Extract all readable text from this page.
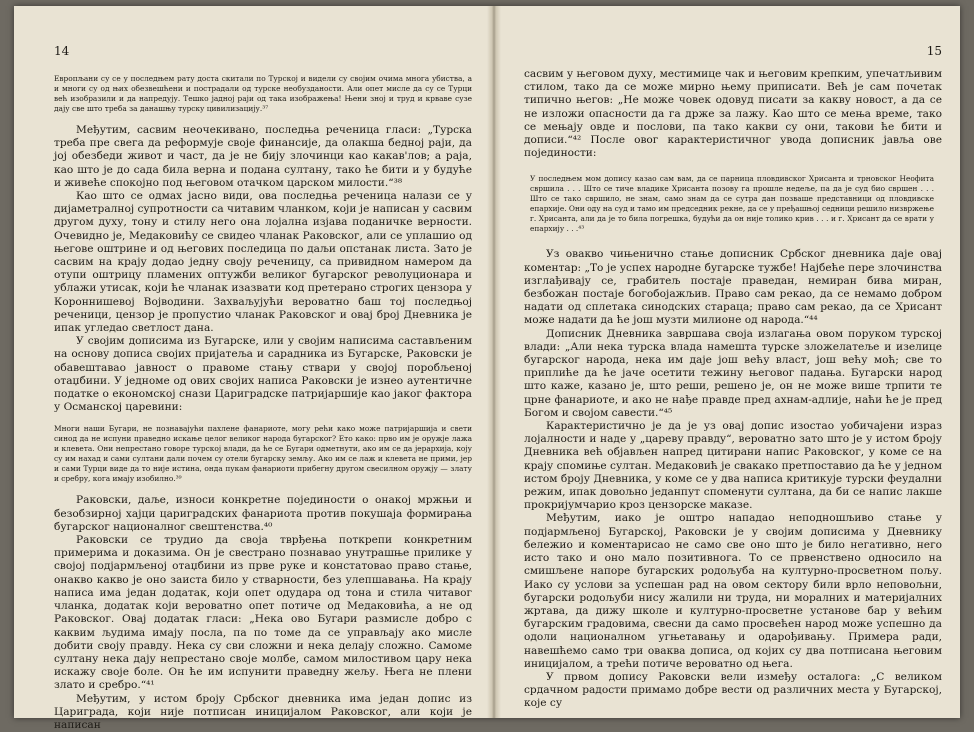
14

Европљани су се у последњем рату доста скитали по Турској и видели су својим очима многа убиства, а и многи су од њих обезвешћени и пострадали од турске необузданости. Али опет мисле да су се Турци већ изобразили и да напредују. Тешко јадној раји од така изображења! Њени зној и труд и крваве сузе дају све што треба за данашњу турску цивилизацију.³⁷

Међутим, сасвим неочекивано, последња реченица гласи: „Турска треба пре свега да реформује своје финансије, да олакша бедној раји, да јој обезбеди живот и част, да је не бију злочинци као какав'лов; а раја, као што је до сада била верна и подана султану, тако ће бити и у будуће и живеће спокојно под његовом отачком царском милости.“³⁸

Као што се одмах јасно види, ова последња реченица налази се у дијаметралној супротности са читавим чланком, који је написан у сасвим другом духу, тону и стилу него она лојална изјава поданичке верности. Очевидно је, Медаковићу се свидео чланак Раковског, али се уплашио од његове оштрине и од његових последица по даљи опстанак листа. Зато је сасвим на крају додао једну своју реченицу, са привидном намером да отупи оштрицу пламених оптужби великог бугарског револуционара и ублажи утисак, који ће чланак изазвати код претерано строгих цензора у Короннишевој Војводини. Захваљујући вероватно баш тој последњој реченици, цензор је пропустио чланак Раковског и овај број Дневника је ипак угледао светлост дана.

У својим дописима из Бугарске, или у својим написима састављеним на основу дописа својих пријатеља и сарадника из Бугарске, Раковски је обавештавао јавност о правоме стању ствари у својој поробљеној отаџбини. У једноме од ових својих написа Раковски је изнео аутентичне податке о економској снази Цариградске патријаршије као јаког фактора у Османској царевини:

Многи наши Бугари, не познавајући пахлене фанариоте, могу рећи како може патријаршија и свети синод да не испуни праведно искање целог великог народа бугарског? Ето како: прво им је оружје лажа и клевета. Они непрестано говоре турској влади, да ће се Бугари одметнути, ако им се да јерархија, коју су им нахад и сами султани дали почем су отели бугарску земљу. Ако им се лаж и клевета не прими, јер и сами Турци виде да то није истина, онда пукам фанариоти прибегну другом свесилном оружју — злату и сребру, кога имају изобилно.³⁹

Раковски, даље, износи конкретне појединости о онакој мржњи и безобзирној хајци цариградских фанариота против покушаја формирања бугарског националног свештенства.⁴⁰

Раковски се трудио да своја тврђења поткрепи конкретним примерима и доказима. Он је свестрано познавао унутрашње прилике у својој подјармљеној отаџбини из прве руке и констатовао право стање, онакво какво је оно заиста било у стварности, без улепшавања. На крају написа има један додатак, који опет одудара од тона и стила читавог чланка, додатак који вероватно опет потиче од Медаковића, а не од Раковског. Овај додатак гласи: „Нека ово Бугари размисле добро с каквим људима имају посла, па по томе да се управљају ако мисле добити своју правду. Нека су сви сложни и нека делају сложно. Самоме султану нека дају непрестано своје молбе, самом милостивом цару нека искажу своје боле. Он ће им испунити праведну жељу. Њега не плени злато и сребро.“⁴¹

Међутим, у истом броју Србског дневника има један допис из Цариграда, који није потписан иницијалом Раковског, али који је написан

15

сасвим у његовом духу, местимице чак и његовим крепким, упечатљивим стилом, тако да се може мирно њему приписати. Већ је сам почетак типично његов: „Не може човек одовуд писати за какву новост, а да се не изложи опасности да га држе за лажу. Као што се мења време, тако се мењају овде и послови, па тако какви су они, такови ће бити и дописи.“⁴² После овог карактеристичног увода дописник јавља ове појединости:

У последњем мом допису казао сам вам, да се парница пловдивског Хрисанта и трновског Неофита свршила . . . Што се тиче владике Хрисанта позову га прошле недеље, па да је суд био свршен . . . Што се тако свршило, не знам, само знам да се сутра дан позваше представници од пловдивске епархије. Они оду на суд и тамо им председник рекне, да се у пређашњој седници решило низвржење г. Хрисанта, али да је то била погрешка, будући да он није толико крив . . . и г. Хрисант да се врати у епархију . . .⁴³

Уз овакво чињенично стање дописник Србског дневника даје овај коментар: „То је успех народне бугарске тужбе! Најбеће пере злочинства изглађивају се, грабитељ постаје праведан, немиран бива миран, безбожан постаје богобојажљив. Право сам рекао, да се немамо добром надати од сплетака синодских стараца; право сам рекао, да се Хрисант може надати да ће још музти милионе од народа.“⁴⁴

Дописник Дневника завршава своја излагања овом поруком турској влади: „Али нека турска влада намешта турске зложелатеље и изелице бугарског народа, нека им даје још већу власт, још већу моћ; све то приплиће да ће јаче осетити тежину његовог падања. Бугарски народ што каже, казано је, што реши, решено је, он не може вишe трпити те црне фанариоте, и ако не нађе правде пред ахнам-адлије, наћи ће је пред Богом и својом савести.“⁴⁵

Карактеристично је да је уз овај допис изостао уобичајени израз лојалности и наде у „цареву правду“, вероватно зато што је у истом броју Дневника већ објављен напред цитирани напис Раковског, у коме се на крају спомиње султан. Медаковић је свакако претпоставио да ће у једном истом броју Дневника, у коме се у два написа критикује турски феудални режим, ипак довољно једанпут споменути султана, да би се напис лакше прокријумчарио кроз цензорске маказе.

Међутим, иако је оштро нападао неподношљиво стање у подјармљеној Бугарској, Раковски је у својим дописима у Дневнику бележио и коментарисао не само све оно што је било негативно, него исто тако и оно мало позитивнога. То се првенствено односило на смишљене напоре бугарских родољуба на културно-просветном пољу. Иако су услови за успешан рад на овом сектору били врло неповољни, бугарски родољуби нису жалили ни труда, ни моралних и материјалних жртава, да дижу школе и културно-просветне установе бар у већим бугарским градовима, свесни да само просвећен народ може успешно да одоли националном угњетавању и одарођивању. Примера ради, навешћемо само три оваква дописа, од којих су два потписана његовим иницијалом, а трећи потиче вероватно од њега.

У првом допису Раковски вели између осталога: „С великом срдачном радости примамо добре вести од различних места у Бугарској, које су
